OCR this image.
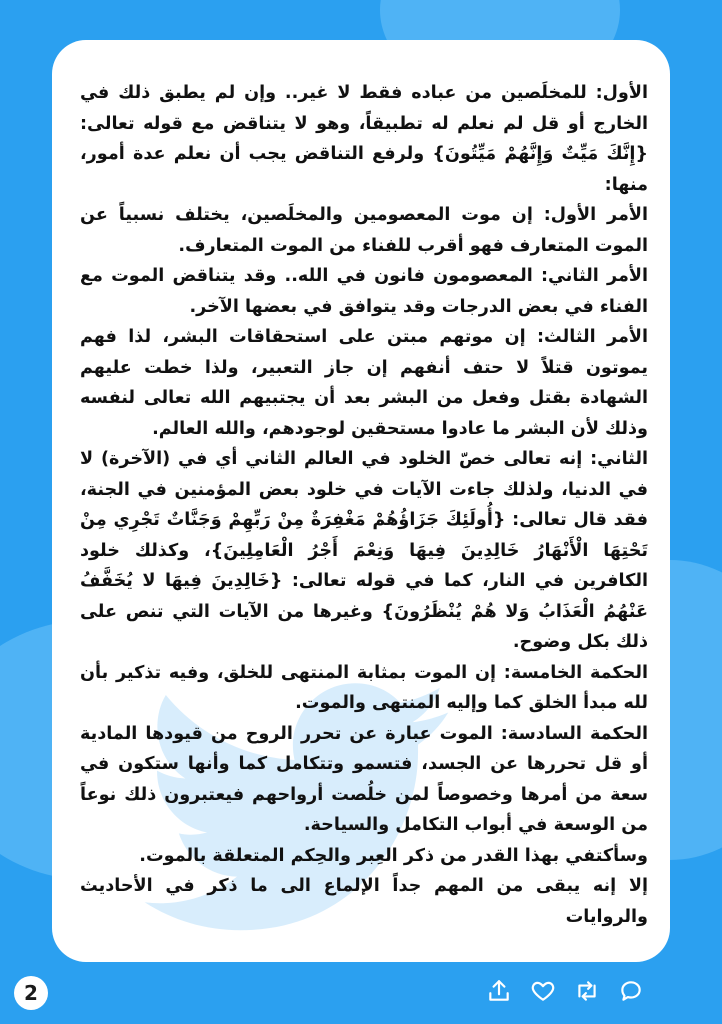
الأول: للمخلَصين من عباده فقط لا غير.. وإن لم يطبق ذلك في الخارج أو قل لم نعلم له تطبيقاً، وهو لا يتناقض مع قوله تعالى: {إِنَّكَ مَيِّتٌ وَإِنَّهُمْ مَيِّتُونَ} ولرفع التناقض يجب أن نعلم عدة أمور، منها:

الأمر الأول: إن موت المعصومين والمخلَصين، يختلف نسبياً عن الموت المتعارف فهو أقرب للفناء من الموت المتعارف.

الأمر الثاني: المعصومون فانون في الله.. وقد يتناقض الموت مع الفناء في بعض الدرجات وقد يتوافق في بعضها الآخر.

الأمر الثالث: إن موتهم مبتن على استحقاقات البشر، لذا فهم يموتون قتلاً لا حتف أنفهم إن جاز التعبير، ولذا خطت عليهم الشهادة بقتل وفعل من البشر بعد أن يجتبيهم الله تعالى لنفسه وذلك لأن البشر ما عادوا مستحقين لوجودهم، والله العالم.

الثاني: إنه تعالى خصّ الخلود في العالم الثاني أي في (الآخرة) لا في الدنيا، ولذلك جاءت الآيات في خلود بعض المؤمنين في الجنة، فقد قال تعالى: {أُولَئِكَ جَزَاؤُهُمْ مَغْفِرَةٌ مِنْ رَبِّهِمْ وَجَنَّاتٌ تَجْرِي مِنْ تَحْتِهَا الْأَنْهَارُ خَالِدِينَ فِيهَا وَنِعْمَ أَجْرُ الْعَامِلِينَ}، وكذلك خلود الكافرين في النار، كما في قوله تعالى: {خَالِدِينَ فِيهَا لا يُخَفَّفُ عَنْهُمُ الْعَذَابُ وَلا هُمْ يُنْظَرُونَ} وغيرها من الآيات التي تنص على ذلك بكل وضوح.

الحكمة الخامسة: إن الموت بمثابة المنتهى للخلق، وفيه تذكير بأن لله مبدأ الخلق كما وإليه المنتهى والموت.

الحكمة السادسة: الموت عبارة عن تحرر الروح من قيودها المادية أو قل تحررها عن الجسد، فتسمو وتتكامل كما وأنها ستكون في سعة من أمرها وخصوصاً لمن خلُصت أرواحهم فيعتبرون ذلك نوعاً من الوسعة في أبواب التكامل والسياحة.

وسأكتفي بهذا القدر من ذكر العِبر والحِكم المتعلقة بالموت.

إلا إنه يبقى من المهم جداً الإلماع الى ما ذكر في الأحاديث والروايات

2
